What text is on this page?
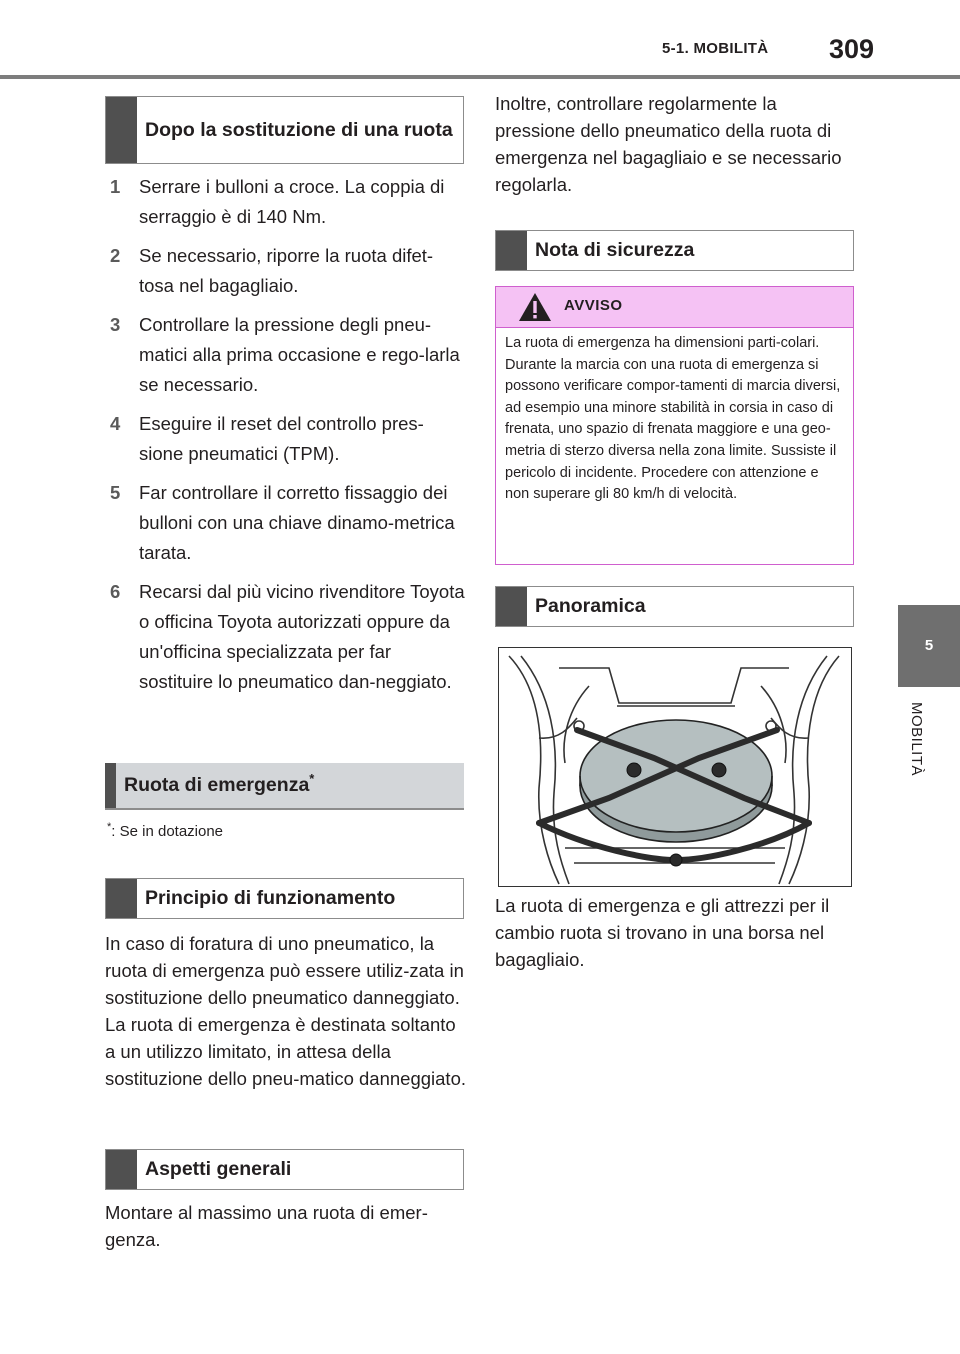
5-1. MOBILITÀ 309
5
MOBILITÀ
Dopo la sostituzione di una ruota
1 Serrare i bulloni a croce. La coppia di serraggio è di 140 Nm.
2 Se necessario, riporre la ruota difet-tosa nel bagagliaio.
3 Controllare la pressione degli pneu-matici alla prima occasione e rego-larla se necessario.
4 Eseguire il reset del controllo pres-sione pneumatici (TPM).
5 Far controllare il corretto fissaggio dei bulloni con una chiave dinamo-metrica tarata.
6 Recarsi dal più vicino rivenditore Toyota o officina Toyota autorizzati oppure da un'officina specializzata per far sostituire lo pneumatico dan-neggiato.
Ruota di emergenza*
*: Se in dotazione
Principio di funzionamento

In caso di foratura di uno pneumatico, la ruota di emergenza può essere utiliz-zata in sostituzione dello pneumatico danneggiato. La ruota di emergenza è destinata soltanto a un utilizzo limitato, in attesa della sostituzione dello pneu-matico danneggiato.

Aspetti generali

Montare al massimo una ruota di emer-genza.

Inoltre, controllare regolarmente la pressione dello pneumatico della ruota di emergenza nel bagagliaio e se necessario regolarla.

Nota di sicurezza
AVVISO
La ruota di emergenza ha dimensioni parti-colari. Durante la marcia con una ruota di emergenza si possono verificare compor-tamenti di marcia diversi, ad esempio una minore stabilità in corsia in caso di frenata, uno spazio di frenata maggiore e una geo-metria di sterzo diversa nella zona limite. Sussiste il pericolo di incidente. Procedere con attenzione e non superare gli 80 km/h di velocità.
Panoramica

La ruota di emergenza e gli attrezzi per il cambio ruota si trovano in una borsa nel bagagliaio.
